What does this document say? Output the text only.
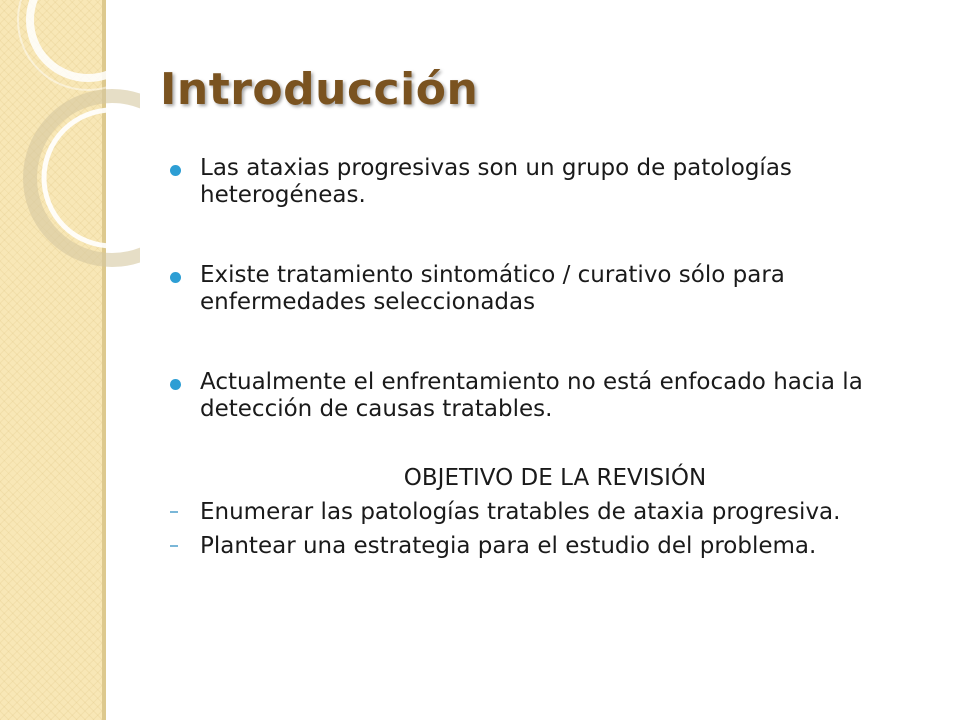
Introducción
Las ataxias progresivas son un grupo de patologías heterogéneas.
Existe tratamiento sintomático / curativo sólo para enfermedades seleccionadas
Actualmente el enfrentamiento no está enfocado hacia la detección de causas tratables.
OBJETIVO DE LA REVISIÓN
Enumerar las patologías tratables de ataxia progresiva.
Plantear una estrategia para el estudio del problema.
